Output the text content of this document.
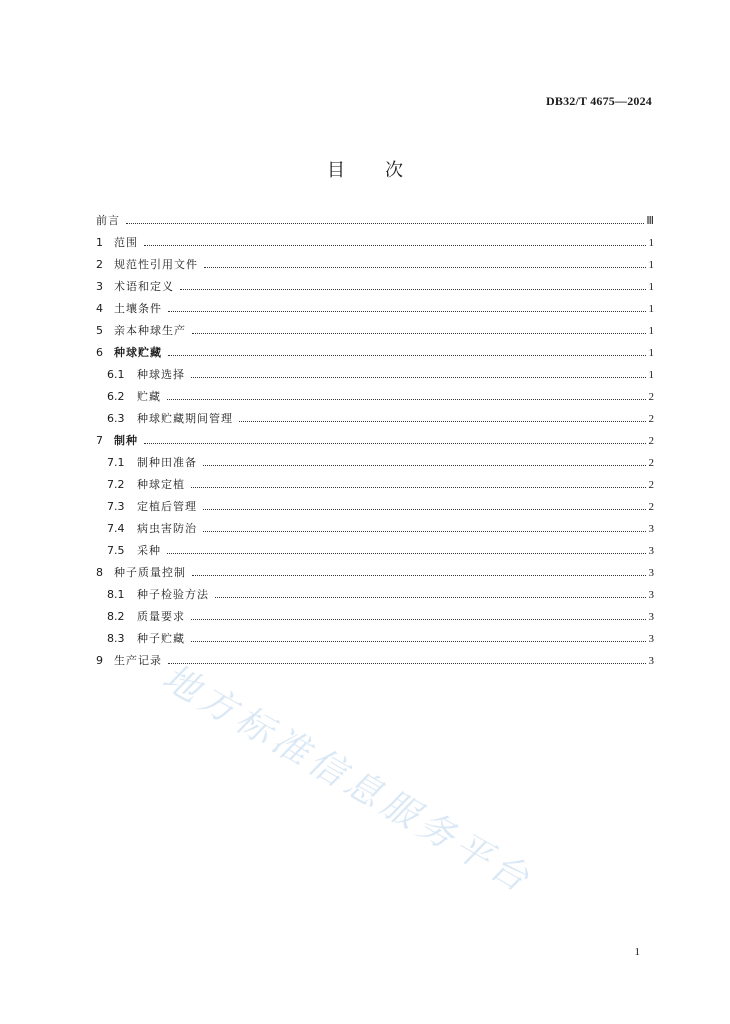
DB32/T 4675—2024
目 次
前言	Ⅲ
1	范围	1
2	规范性引用文件	1
3	术语和定义	1
4	土壤条件	1
5	亲本种球生产	1
6	种球贮藏	1
6.1	种球选择	1
6.2	贮藏	2
6.3	种球贮藏期间管理	2
7	制种	2
7.1	制种田准备	2
7.2	种球定植	2
7.3	定植后管理	2
7.4	病虫害防治	3
7.5	采种	3
8	种子质量控制	3
8.1	种子检验方法	3
8.2	质量要求	3
8.3	种子贮藏	3
9	生产记录	3
地方标准信息服务平台
1
